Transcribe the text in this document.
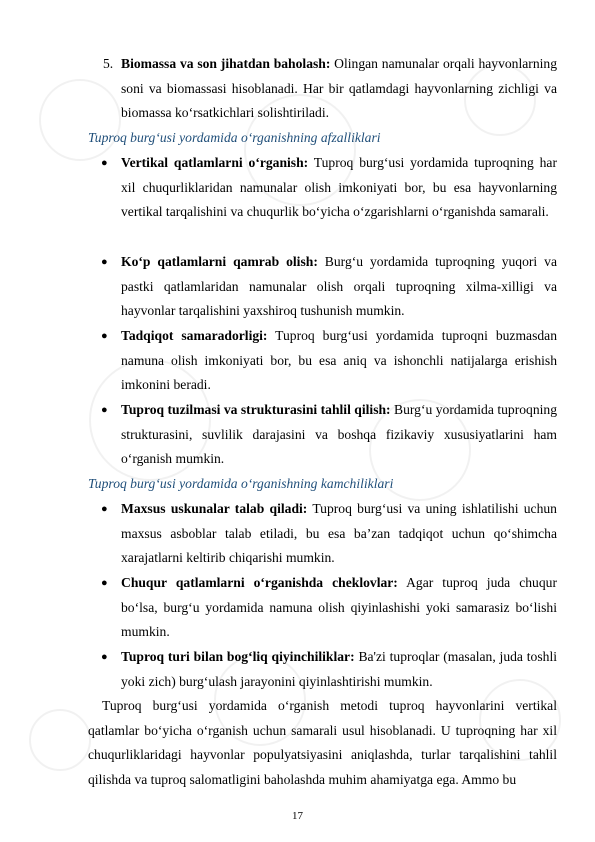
5. Biomassa va son jihatdan baholash: Olingan namunalar orqali hayvonlarning soni va biomassasi hisoblanadi. Har bir qatlamdagi hayvonlarning zichligi va biomassa ko‘rsatkichlari solishtiriladi.
Tuproq burg‘usi yordamida o‘rganishning afzalliklari
● Vertikal qatlamlarni o‘rganish: Tuproq burg‘usi yordamida tuproqning har xil chuqurliklaridan namunalar olish imkoniyati bor, bu esa hayvonlarning vertikal tarqalishini va chuqurlik bo‘yicha o‘zgarishlarni o‘rganishda samarali.
● Ko‘p qatlamlarni qamrab olish: Burg‘u yordamida tuproqning yuqori va pastki qatlamlaridan namunalar olish orqali tuproqning xilma-xilligi va hayvonlar tarqalishini yaxshiroq tushunish mumkin.
● Tadqiqot samaradorligi: Tuproq burg‘usi yordamida tuproqni buzmasdan namuna olish imkoniyati bor, bu esa aniq va ishonchli natijalarga erishish imkonini beradi.
● Tuproq tuzilmasi va strukturasini tahlil qilish: Burg‘u yordamida tuproqning strukturasini, suvlilik darajasini va boshqa fizikaviy xususiyatlarini ham o‘rganish mumkin.
Tuproq burg‘usi yordamida o‘rganishning kamchiliklari
● Maxsus uskunalar talab qiladi: Tuproq burg‘usi va uning ishlatilishi uchun maxsus asboblar talab etiladi, bu esa ba’zan tadqiqot uchun qo‘shimcha xarajatlarni keltirib chiqarishi mumkin.
● Chuqur qatlamlarni o‘rganishda cheklovlar: Agar tuproq juda chuqur bo‘lsa, burg‘u yordamida namuna olish qiyinlashishi yoki samarasiz bo‘lishi mumkin.
● Tuproq turi bilan bog‘liq qiyinchiliklar: Ba'zi tuproqlar (masalan, juda toshli yoki zich) burg‘ulash jarayonini qiyinlashtirishi mumkin.
Tuproq burg‘usi yordamida o‘rganish metodi tuproq hayvonlarini vertikal qatlamlar bo‘yicha o‘rganish uchun samarali usul hisoblanadi. U tuproqning har xil chuqurliklaridagi hayvonlar populyatsiyasini aniqlashda, turlar tarqalishini tahlil qilishda va tuproq salomatligini baholashda muhim ahamiyatga ega. Ammo bu
17
